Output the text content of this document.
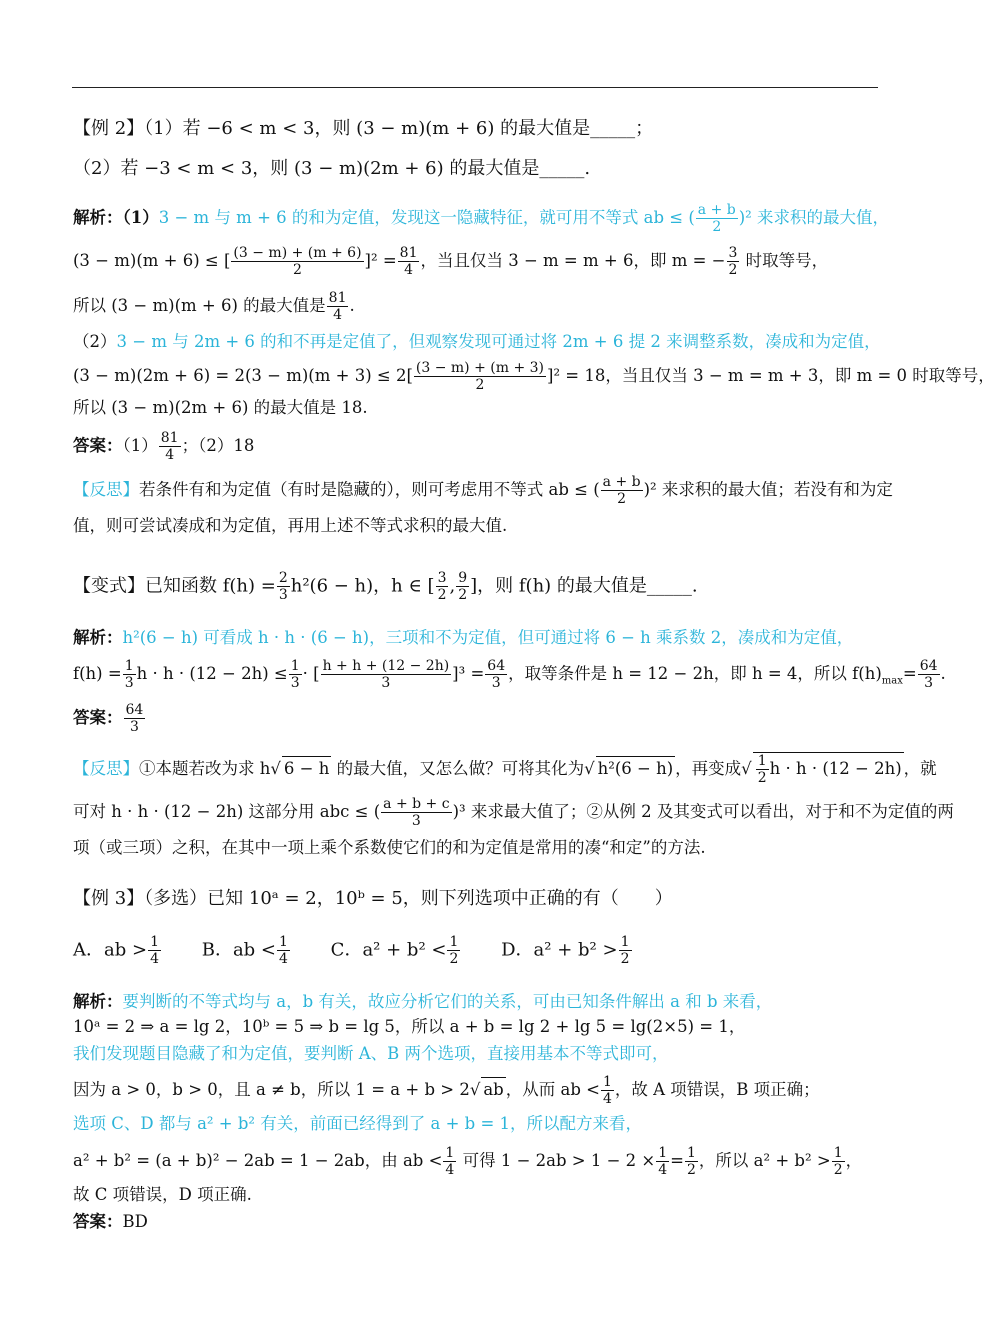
【例 2】（1）若 −6 < m < 3，则 (3 − m)(m + 6) 的最大值是_____；
（2）若 −3 < m < 3，则 (3 − m)(2m + 6) 的最大值是_____.
解析：（1）3 − m 与 m + 6 的和为定值，发现这一隐藏特征，就可用不等式 ab ≤ ( $\frac{a + b}{2} )^2$ 来求积的最大值，
(3 − m)(m + 6) ≤ [ $\frac{(3 - m) + (m + 6)}{2} ]^2 = \frac{81}{4}$ ，当且仅当 3 − m = m + 6，即 m = − $\frac{3}{2}$ 时取等号，
所以 (3 − m)(m + 6) 的最大值是 $\frac{81}{4}$ .
（2）3 − m 与 2m + 6 的和不再是定值了，但观察发现可通过将 2m + 6 提 2 来调整系数，凑成和为定值，
$(3 - m)(2m + 6) = 2(3 - m)(m + 3) \le 2[ \frac{(3 - m) + (m + 3)}{2} ]^2 = 18$，当且仅当 3 − m = m + 3，即 m = 0 时取等号，
所以 (3 − m)(2m + 6) 的最大值是 18.
答案：$(1) \frac{81}{4}$ ；（2）18
【反思】若条件有和为定值（有时是隐藏的），则可考虑用不等式 ab ≤ ( $\frac{a + b}{2} )^2$ 来求积的最大值；若没有和为定
值，则可尝试凑成和为定值，再用上述不等式求积的最大值.
【变式】已知函数 $f(h) = \frac{2}{3} h^2(6 - h)$，h ∈ [ $\frac{3}{2}$ , $\frac{9}{2}$ ]，则 f(h) 的最大值是_____.
解析：h²(6 − h) 可看成 h · h · (6 − h)，三项和不为定值，但可通过将 6 − h 乘系数 2，凑成和为定值，
$f(h) = \frac{1}{3}$ $h \cdot h \cdot (12 - 2h) \le \frac{1}{3}$ · [ $\frac{h + h + (12 - 2h)}{3} ]^3 = \frac{64}{3}$ ，取等条件是 h = 12 − 2h，即 h = 4，所以 $f(h)_{max}= \frac{64}{3}$ .
答案： $\frac{64}{3}$
【反思】①本题若改为求 h√ 6 − h 的最大值，又怎么做？可将其化为√ h²(6 − h) ，再变成√ $\frac{1}{2}$ h · h · (12 − 2h) ，就
可对 h · h · (12 − 2h) 这部分用 abc ≤ ( $\frac{a + b + c}{3} )^3$ 来求最大值了；②从例 2 及其变式可以看出，对于和不为定值的两
项（或三项）之积，在其中一项上乘个系数使它们的和为定值是常用的凑“和定”的方法.
【例 3】（多选）已知 10ᵃ = 2，10ᵇ = 5，则下列选项中正确的有（　　）
A．ab > $\frac{1}{4}$ B．ab < $\frac{1}{4}$ C．$a^2 + b^2 < \frac{1}{2}$ D．$a^2 + b^2 > \frac{1}{2}$
解析：要判断的不等式均与 a，b 有关，故应分析它们的关系，可由已知条件解出 a 和 b 来看，
10ᵃ = 2 ⇒ a = lg 2，10ᵇ = 5 ⇒ b = lg 5，所以 a + b = lg 2 + lg 5 = lg(2×5) = 1，
我们发现题目隐藏了和为定值，要判断 A、B 两个选项，直接用基本不等式即可，
因为 a > 0，b > 0，且 a ≠ b，所以 1 = a + b > 2√ ab ，从而 ab < $\frac{1}{4}$ ，故 A 项错误，B 项正确；
选项 C、D 都与 a² + b² 有关，前面已经得到了 a + b = 1，所以配方来看，
a² + b² = (a + b)² − 2ab = 1 − 2ab，由 ab < $\frac{1}{4}$ 可得 $1 - 2ab > 1 - 2 \times \frac{1}{4} = \frac{1}{2}$ ，所以 $a^2 + b^2 > \frac{1}{2}$ ，
故 C 项错误，D 项正确.
答案：BD
